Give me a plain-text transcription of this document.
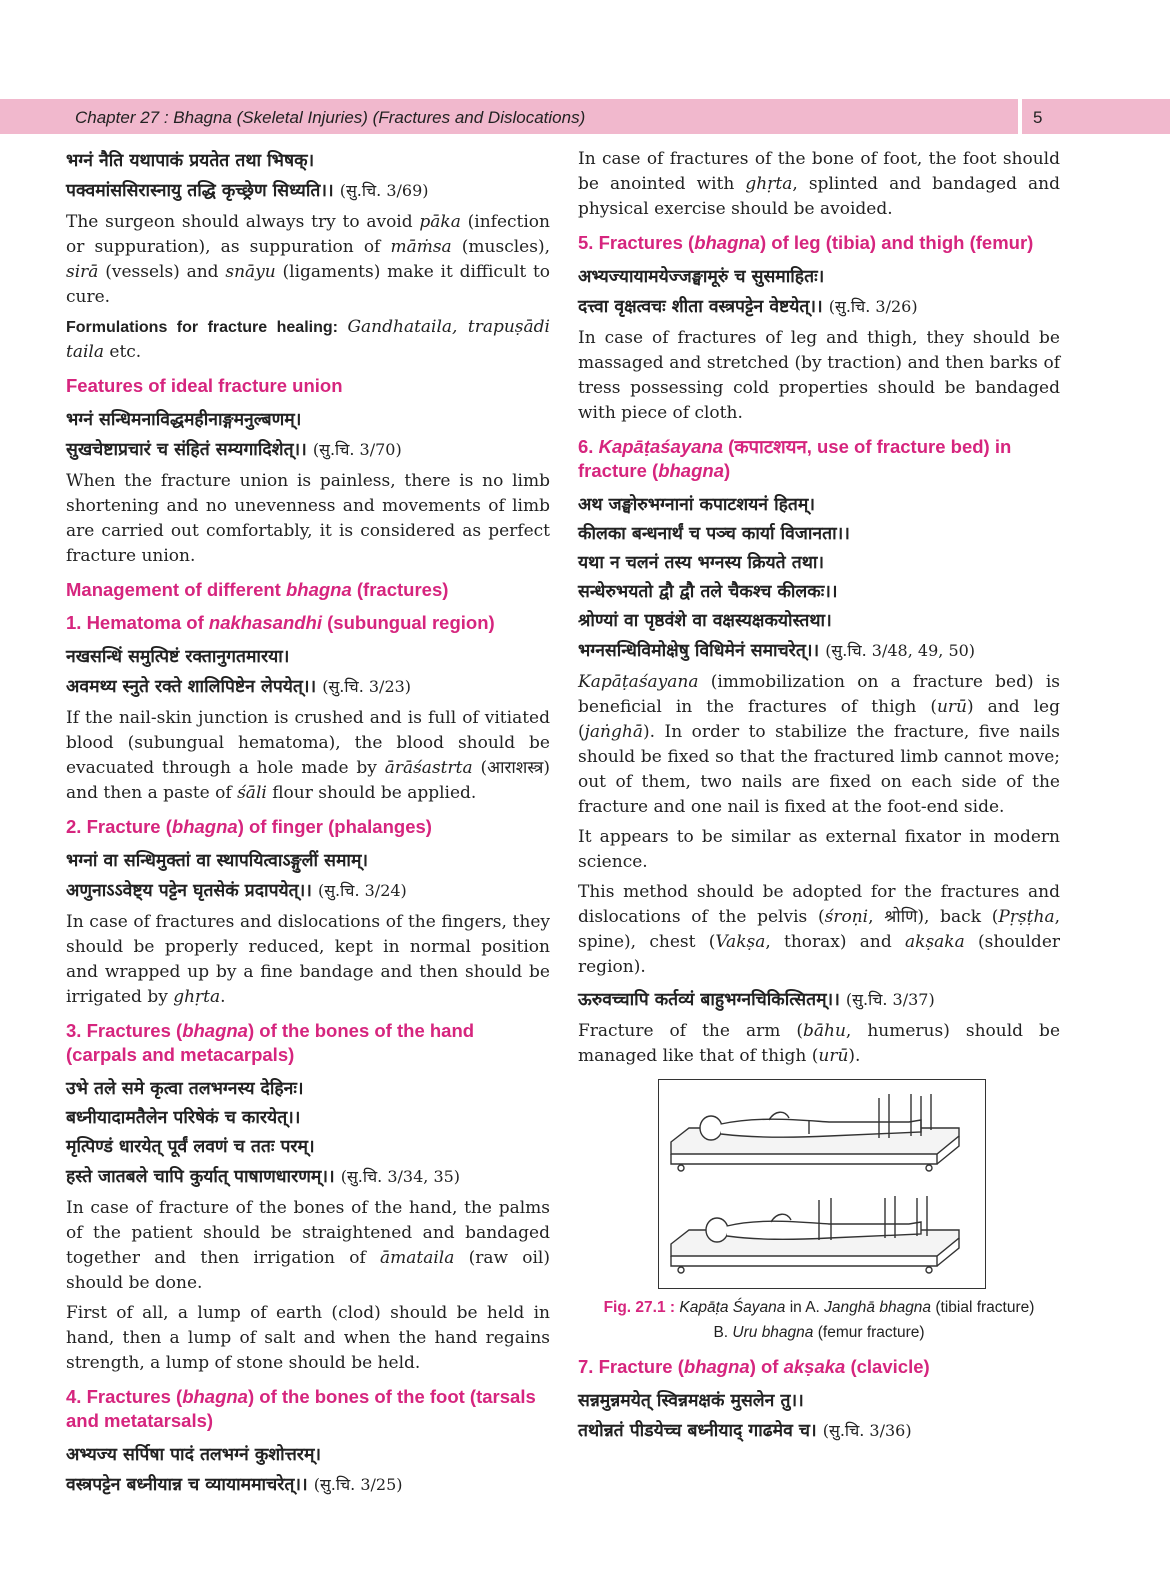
Chapter 27 : Bhagna (Skeletal Injuries) (Fractures and Dislocations)	5

भग्नं नैति यथापाकं प्रयतेत तथा भिषक्।

पक्वमांससिरास्नायु तद्धि कृच्छ्रेण सिध्यति।। (सु.चि. 3/69)

The surgeon should always try to avoid pāka (infection or suppuration), as suppuration of māṁsa (muscles), sirā (vessels) and snāyu (ligaments) make it difficult to cure.

Formulations for fracture healing: Gandhataila, trapuṣādi taila etc.

Features of ideal fracture union

भग्नं सन्धिमनाविद्धमहीनाङ्गमनुल्बणम्।

सुखचेष्टाप्रचारं च संहितं सम्यगादिशेत्।। (सु.चि. 3/70)

When the fracture union is painless, there is no limb shortening and no unevenness and movements of limb are carried out comfortably, it is considered as perfect fracture union.

Management of different bhagna (fractures)
1. Hematoma of nakhasandhi (subungual region)

नखसन्धिं समुत्पिष्टं रक्तानुगतमारया।

अवमथ्य स्नुते रक्ते शालिपिष्टेन लेपयेत्।। (सु.चि. 3/23)

If the nail-skin junction is crushed and is full of vitiated blood (subungual hematoma), the blood should be evacuated through a hole made by ārāśastrta (आराशस्त्र) and then a paste of śāli flour should be applied.

2. Fracture (bhagna) of finger (phalanges)

भग्नां वा सन्धिमुक्तां वा स्थापयित्वाऽङ्गुलीं समाम्।

अणुनाऽऽवेष्ट्य पट्टेन घृतसेकं प्रदापयेत्।। (सु.चि. 3/24)

In case of fractures and dislocations of the fingers, they should be properly reduced, kept in normal position and wrapped up by a fine bandage and then should be irrigated by ghṛta.

3. Fractures (bhagna) of the bones of the hand (carpals and metacarpals)

उभे तले समे कृत्वा तलभग्नस्य देहिनः।

बध्नीयादामतैलेन परिषेकं च कारयेत्।।

मृत्पिण्डं धारयेत् पूर्वं लवणं च ततः परम्।

हस्ते जातबले चापि कुर्यात् पाषाणधारणम्।। (सु.चि. 3/34, 35)

In case of fracture of the bones of the hand, the palms of the patient should be straightened and bandaged together and then irrigation of āmataila (raw oil) should be done.

First of all, a lump of earth (clod) should be held in hand, then a lump of salt and when the hand regains strength, a lump of stone should be held.

4. Fractures (bhagna) of the bones of the foot (tarsals and metatarsals)

अभ्यज्य सर्पिषा पादं तलभग्नं कुशोत्तरम्।

वस्त्रपट्टेन बध्नीयान्न च व्यायाममाचरेत्।। (सु.चि. 3/25)

In case of fractures of the bone of foot, the foot should be anointed with ghṛta, splinted and bandaged and physical exercise should be avoided.

5. Fractures (bhagna) of leg (tibia) and thigh (femur)

अभ्यज्यायामयेज्जङ्घामूरुं च सुसमाहितः।

दत्त्वा वृक्षत्वचः शीता वस्त्रपट्टेन वेष्टयेत्।। (सु.चि. 3/26)

In case of fractures of leg and thigh, they should be massaged and stretched (by traction) and then barks of tress possessing cold properties should be bandaged with piece of cloth.

6. Kapāṭaśayana (कपाटशयन, use of fracture bed) in fracture (bhagna)

अथ जङ्घोरुभग्नानां कपाटशयनं हितम्।

कीलका बन्धनार्थं च पञ्च कार्या विजानता।।

यथा न चलनं तस्य भग्नस्य क्रियते तथा।

सन्धेरुभयतो द्वौ द्वौ तले चैकश्च कीलकः।।

श्रोण्यां वा पृष्ठवंशे वा वक्षस्यक्षकयोस्तथा।

भग्नसन्धिविमोक्षेषु विधिमेनं समाचरेत्।। (सु.चि. 3/48, 49, 50)

Kapāṭaśayana (immobilization on a fracture bed) is beneficial in the fractures of thigh (urū) and leg (jaṅghā). In order to stabilize the fracture, five nails should be fixed so that the fractured limb cannot move; out of them, two nails are fixed on each side of the fracture and one nail is fixed at the foot-end side.

It appears to be similar as external fixator in modern science.

This method should be adopted for the fractures and dislocations of the pelvis (śroṇi, श्रोणि), back (Pṛṣṭha, spine), chest (Vakṣa, thorax) and akṣaka (shoulder region).

ऊरुवच्चापि कर्तव्यं बाहुभग्नचिकित्सितम्।। (सु.चि. 3/37)

Fracture of the arm (bāhu, humerus) should be managed like that of thigh (urū).

Fig. 27.1 : Kapāṭa Śayana in A. Janghā bhagna (tibial fracture)
B. Uru bhagna (femur fracture)

7. Fracture (bhagna) of akṣaka (clavicle)

सन्नमुन्नमयेत् स्विन्नमक्षकं मुसलेन तु।।

तथोन्नतं पीडयेच्च बध्नीयाद् गाढमेव च। (सु.चि. 3/36)
